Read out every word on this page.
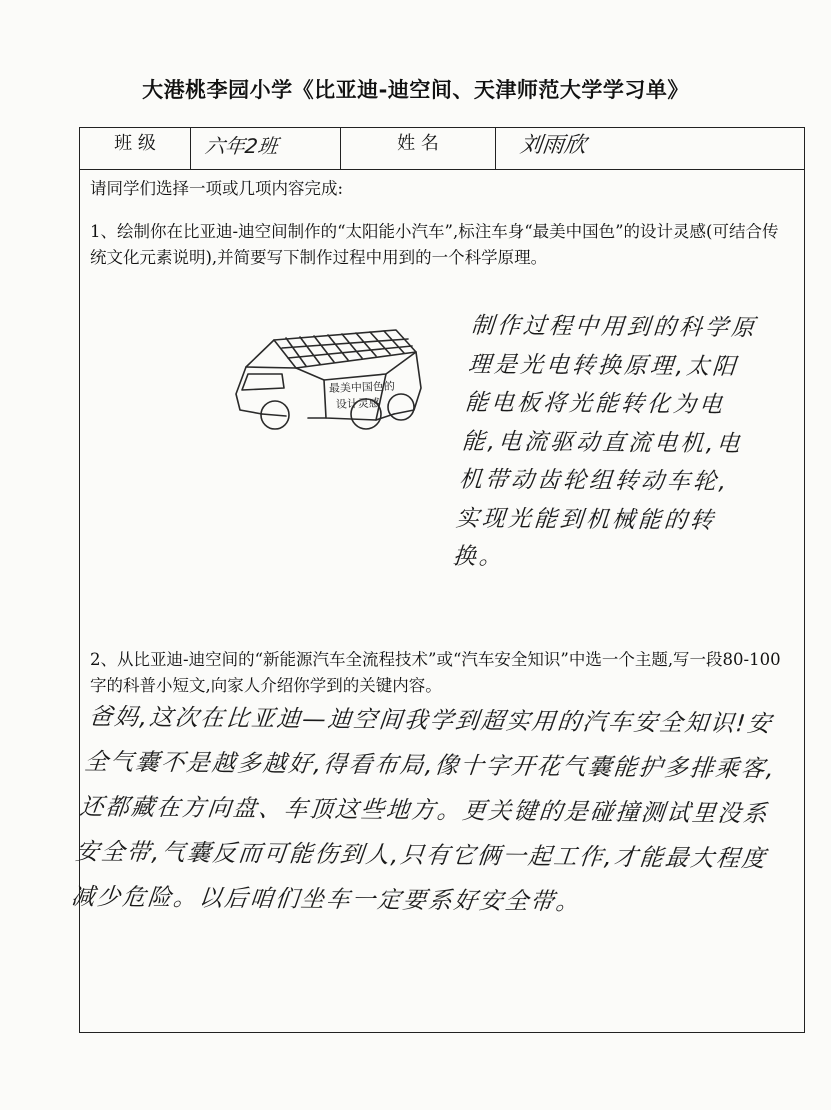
大港桃李园小学《比亚迪-迪空间、天津师范大学学习单》
班 级	六年2班	姓 名	刘雨欣
请同学们选择一项或几项内容完成:
1、绘制你在比亚迪-迪空间制作的“太阳能小汽车”,标注车身“最美中国色”的设计灵感(可结合传统文化元素说明),并简要写下制作过程中用到的一个科学原理。
2、从比亚迪-迪空间的“新能源汽车全流程技术”或“汽车安全知识”中选一个主题,写一段80-100字的科普小短文,向家人介绍你学到的关键内容。
最美中国色的
设计灵感
制作过程中用到的科学原理是光电转换原理,太阳能电板将光能转化为电能,电流驱动直流电机,电机带动齿轮组转动车轮,实现光能到机械能的转换。
爸妈,这次在比亚迪—迪空间我学到超实用的汽车安全知识!安全气囊不是越多越好,得看布局,像十字开花气囊能护多排乘客,还都藏在方向盘、车顶这些地方。更关键的是碰撞测试里没系安全带,气囊反而可能伤到人,只有它俩一起工作,才能最大程度减少危险。以后咱们坐车一定要系好安全带。
